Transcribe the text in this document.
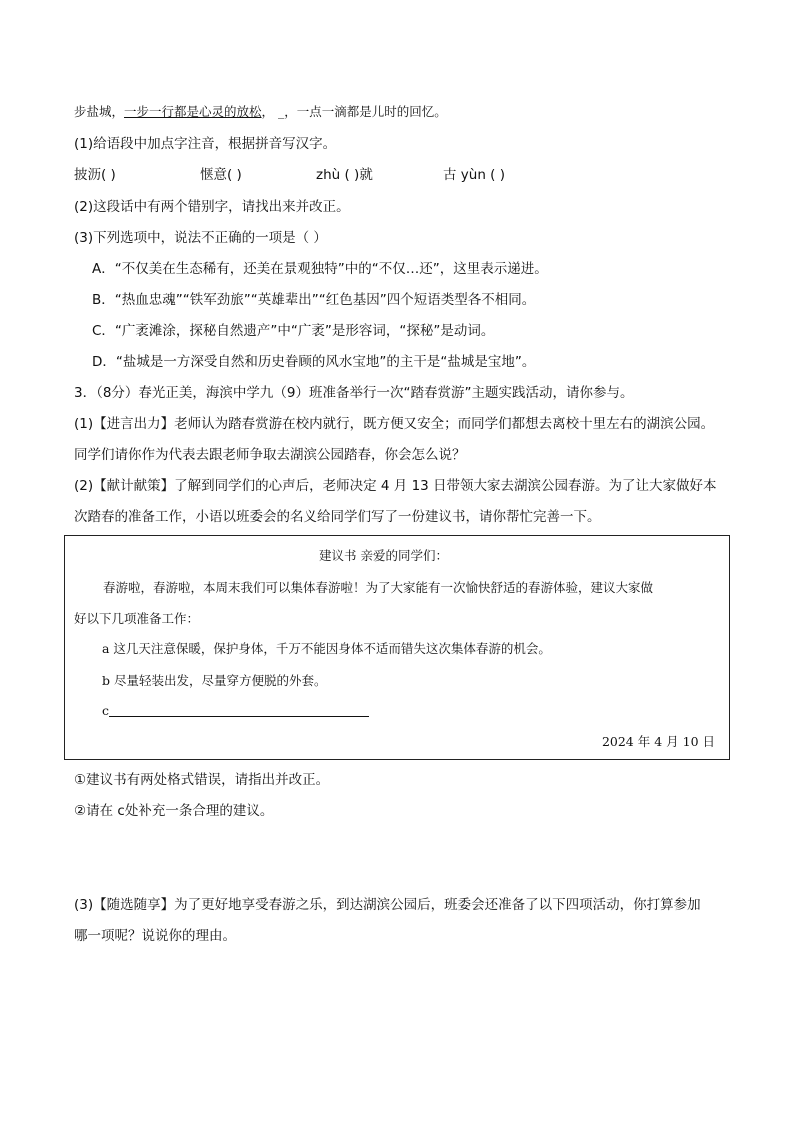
步盐城，一步一行都是心灵的放松， _，一点一滴都是儿时的回忆。
(1)给语段中加点字注音，根据拼音写汉字。
披沥( )	惬意( )	zhù ( )就	古 yùn ( )
(2)这段话中有两个错别字，请找出来并改正。
(3)下列选项中，说法不正确的一项是（ ）
A．“不仅美在生态稀有，还美在景观独特”中的“不仅…还”，这里表示递进。
B．“热血忠魂”“铁军劲旅”“英雄辈出”“红色基因”四个短语类型各不相同。
C．“广袤滩涂，探秘自然遗产”中“广袤”是形容词，“探秘”是动词。
D．“盐城是一方深受自然和历史眷顾的风水宝地”的主干是“盐城是宝地”。
3．（8分）春光正美，海滨中学九（9）班准备举行一次“踏春赏游”主题实践活动，请你参与。
(1)【进言出力】老师认为踏春赏游在校内就行，既方便又安全；而同学们都想去离校十里左右的湖滨公园。
同学们请你作为代表去跟老师争取去湖滨公园踏春，你会怎么说？
(2)【献计献策】了解到同学们的心声后，老师决定 4 月 13 日带领大家去湖滨公园春游。为了让大家做好本
次踏春的准备工作，小语以班委会的名义给同学们写了一份建议书，请你帮忙完善一下。
建议书 亲爱的同学们：
春游啦，春游啦，本周末我们可以集体春游啦！为了大家能有一次愉快舒适的春游体验，建议大家做
好以下几项准备工作：
a 这几天注意保暖，保护身体，千万不能因身体不适而错失这次集体春游的机会。
b 尽量轻装出发，尽量穿方便脱的外套。
c
2024 年 4 月 10 日
①建议书有两处格式错误，请指出并改正。
②请在 c处补充一条合理的建议。
(3)【随选随享】为了更好地享受春游之乐，到达湖滨公园后，班委会还准备了以下四项活动，你打算参加
哪一项呢？说说你的理由。
